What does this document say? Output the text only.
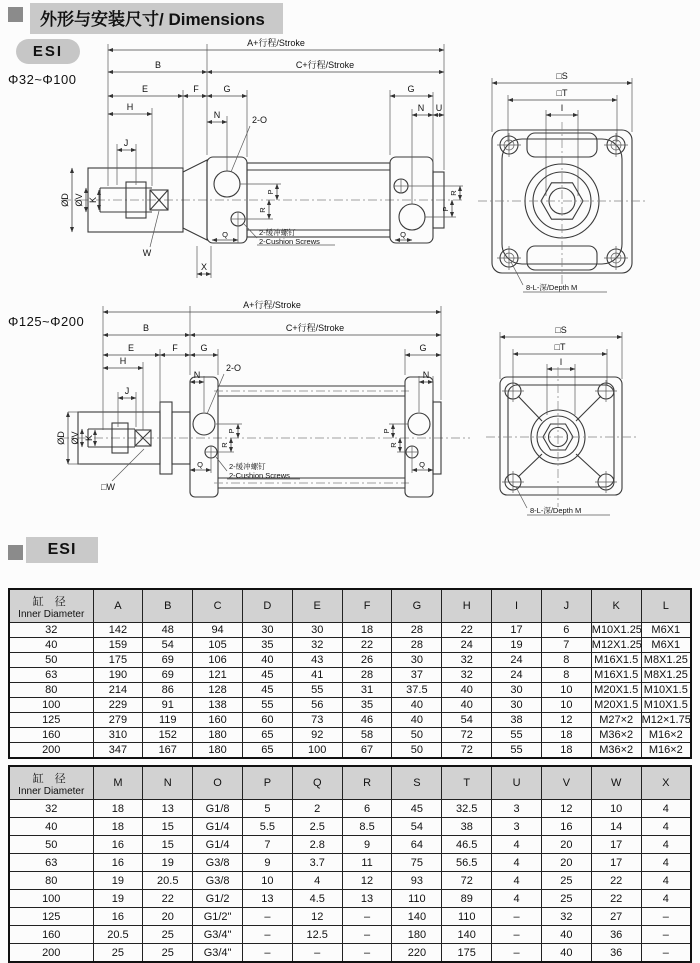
外形与安装尺寸/ Dimensions
ESI
Φ32~Φ100
Φ125~Φ200
A+行程/Stroke
B	C+行程/Stroke
E	F	G	G
H
N
N U
J
2-O
ØD ØV K
W
X
P
R
Q
P
R
Q
2-缓冲螺钉
2-Cushion Screws
□S
□T
I
8-L-深/Depth M
A+行程/Stroke
B	C+行程/Stroke
E	F	G	G
H
N	N
J
2-O
ØD ØV K
□W
P
R
Q
P
R
Q
2-缓冲螺钉
2-Cushion Screws
□S
□T
I
8-L-深/Depth M
ESI
缸 径
Inner Diameter	A	B	C	D	E	F	G	H	I	J	K	L
32	142	48	94	30	30	18	28	22	17	6	M10X1.25	M6X1
40	159	54	105	35	32	22	28	24	19	7	M12X1.25	M6X1
50	175	69	106	40	43	26	30	32	24	8	M16X1.5	M8X1.25
63	190	69	121	45	41	28	37	32	24	8	M16X1.5	M8X1.25
80	214	86	128	45	55	31	37.5	40	30	10	M20X1.5	M10X1.5
100	229	91	138	55	56	35	40	40	30	10	M20X1.5	M10X1.5
125	279	119	160	60	73	46	40	54	38	12	M27×2	M12×1.75
160	310	152	180	65	92	58	50	72	55	18	M36×2	M16×2
200	347	167	180	65	100	67	50	72	55	18	M36×2	M16×2
缸 径
Inner Diameter	M	N	O	P	Q	R	S	T	U	V	W	X
32	18	13	G1/8	5	2	6	45	32.5	3	12	10	4
40	18	15	G1/4	5.5	2.5	8.5	54	38	3	16	14	4
50	16	15	G1/4	7	2.8	9	64	46.5	4	20	17	4
63	16	19	G3/8	9	3.7	11	75	56.5	4	20	17	4
80	19	20.5	G3/8	10	4	12	93	72	4	25	22	4
100	19	22	G1/2	13	4.5	13	110	89	4	25	22	4
125	16	20	G1/2"	–	12	–	140	110	–	32	27	–
160	20.5	25	G3/4"	–	12.5	–	180	140	–	40	36	–
200	25	25	G3/4"	–	–	–	220	175	–	40	36	–
